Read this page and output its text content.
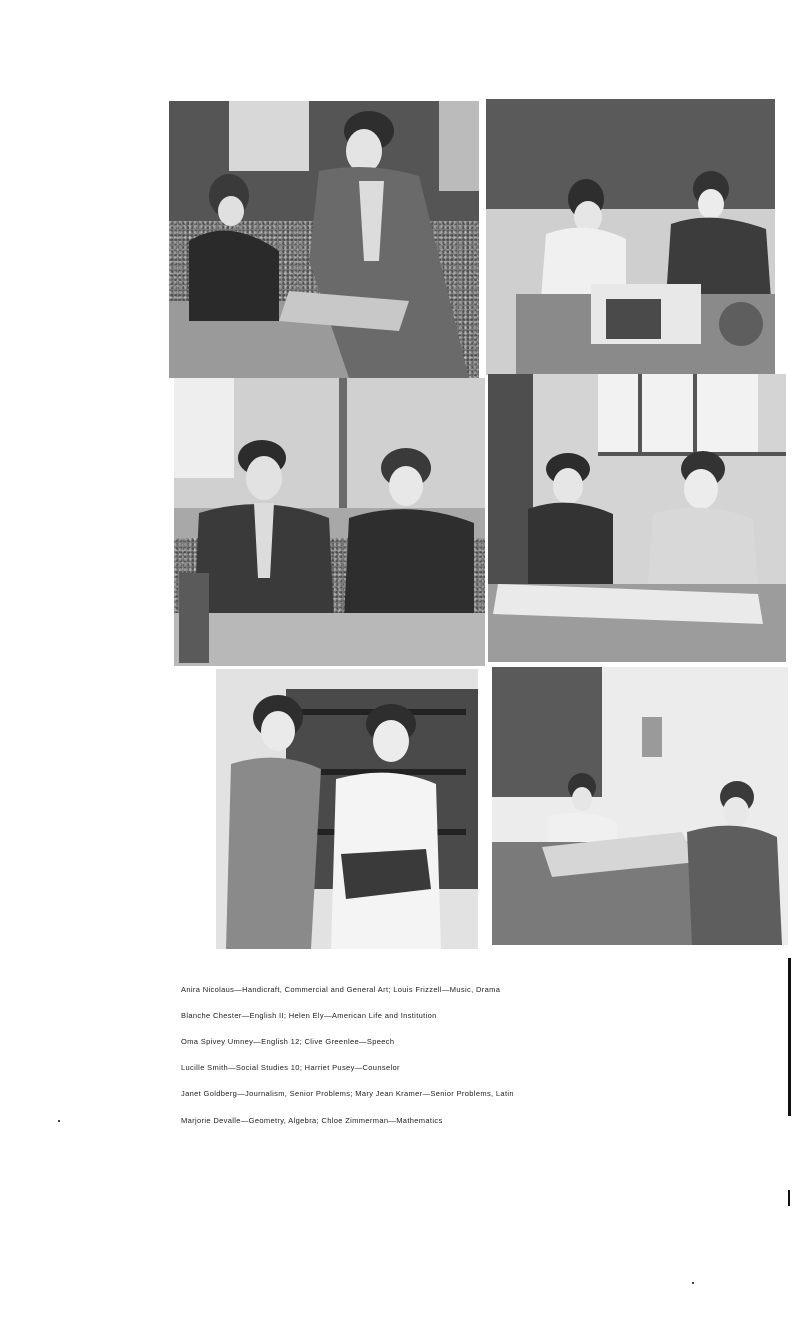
Anira Nicolaus—Handicraft, Commercial and General Art; Louis Frizzell—Music, Drama

Blanche Chester—English II; Helen Ely—American Life and Institution

Oma Spivey Umney—English 12; Clive Greenlee—Speech

Lucille Smith—Social Studies 10; Harriet Pusey—Counselor

Janet Goldberg—Journalism, Senior Problems; Mary Jean Kramer—Senior Problems, Latin

Marjorie Devalle—Geometry, Algebra; Chloe Zimmerman—Mathematics
